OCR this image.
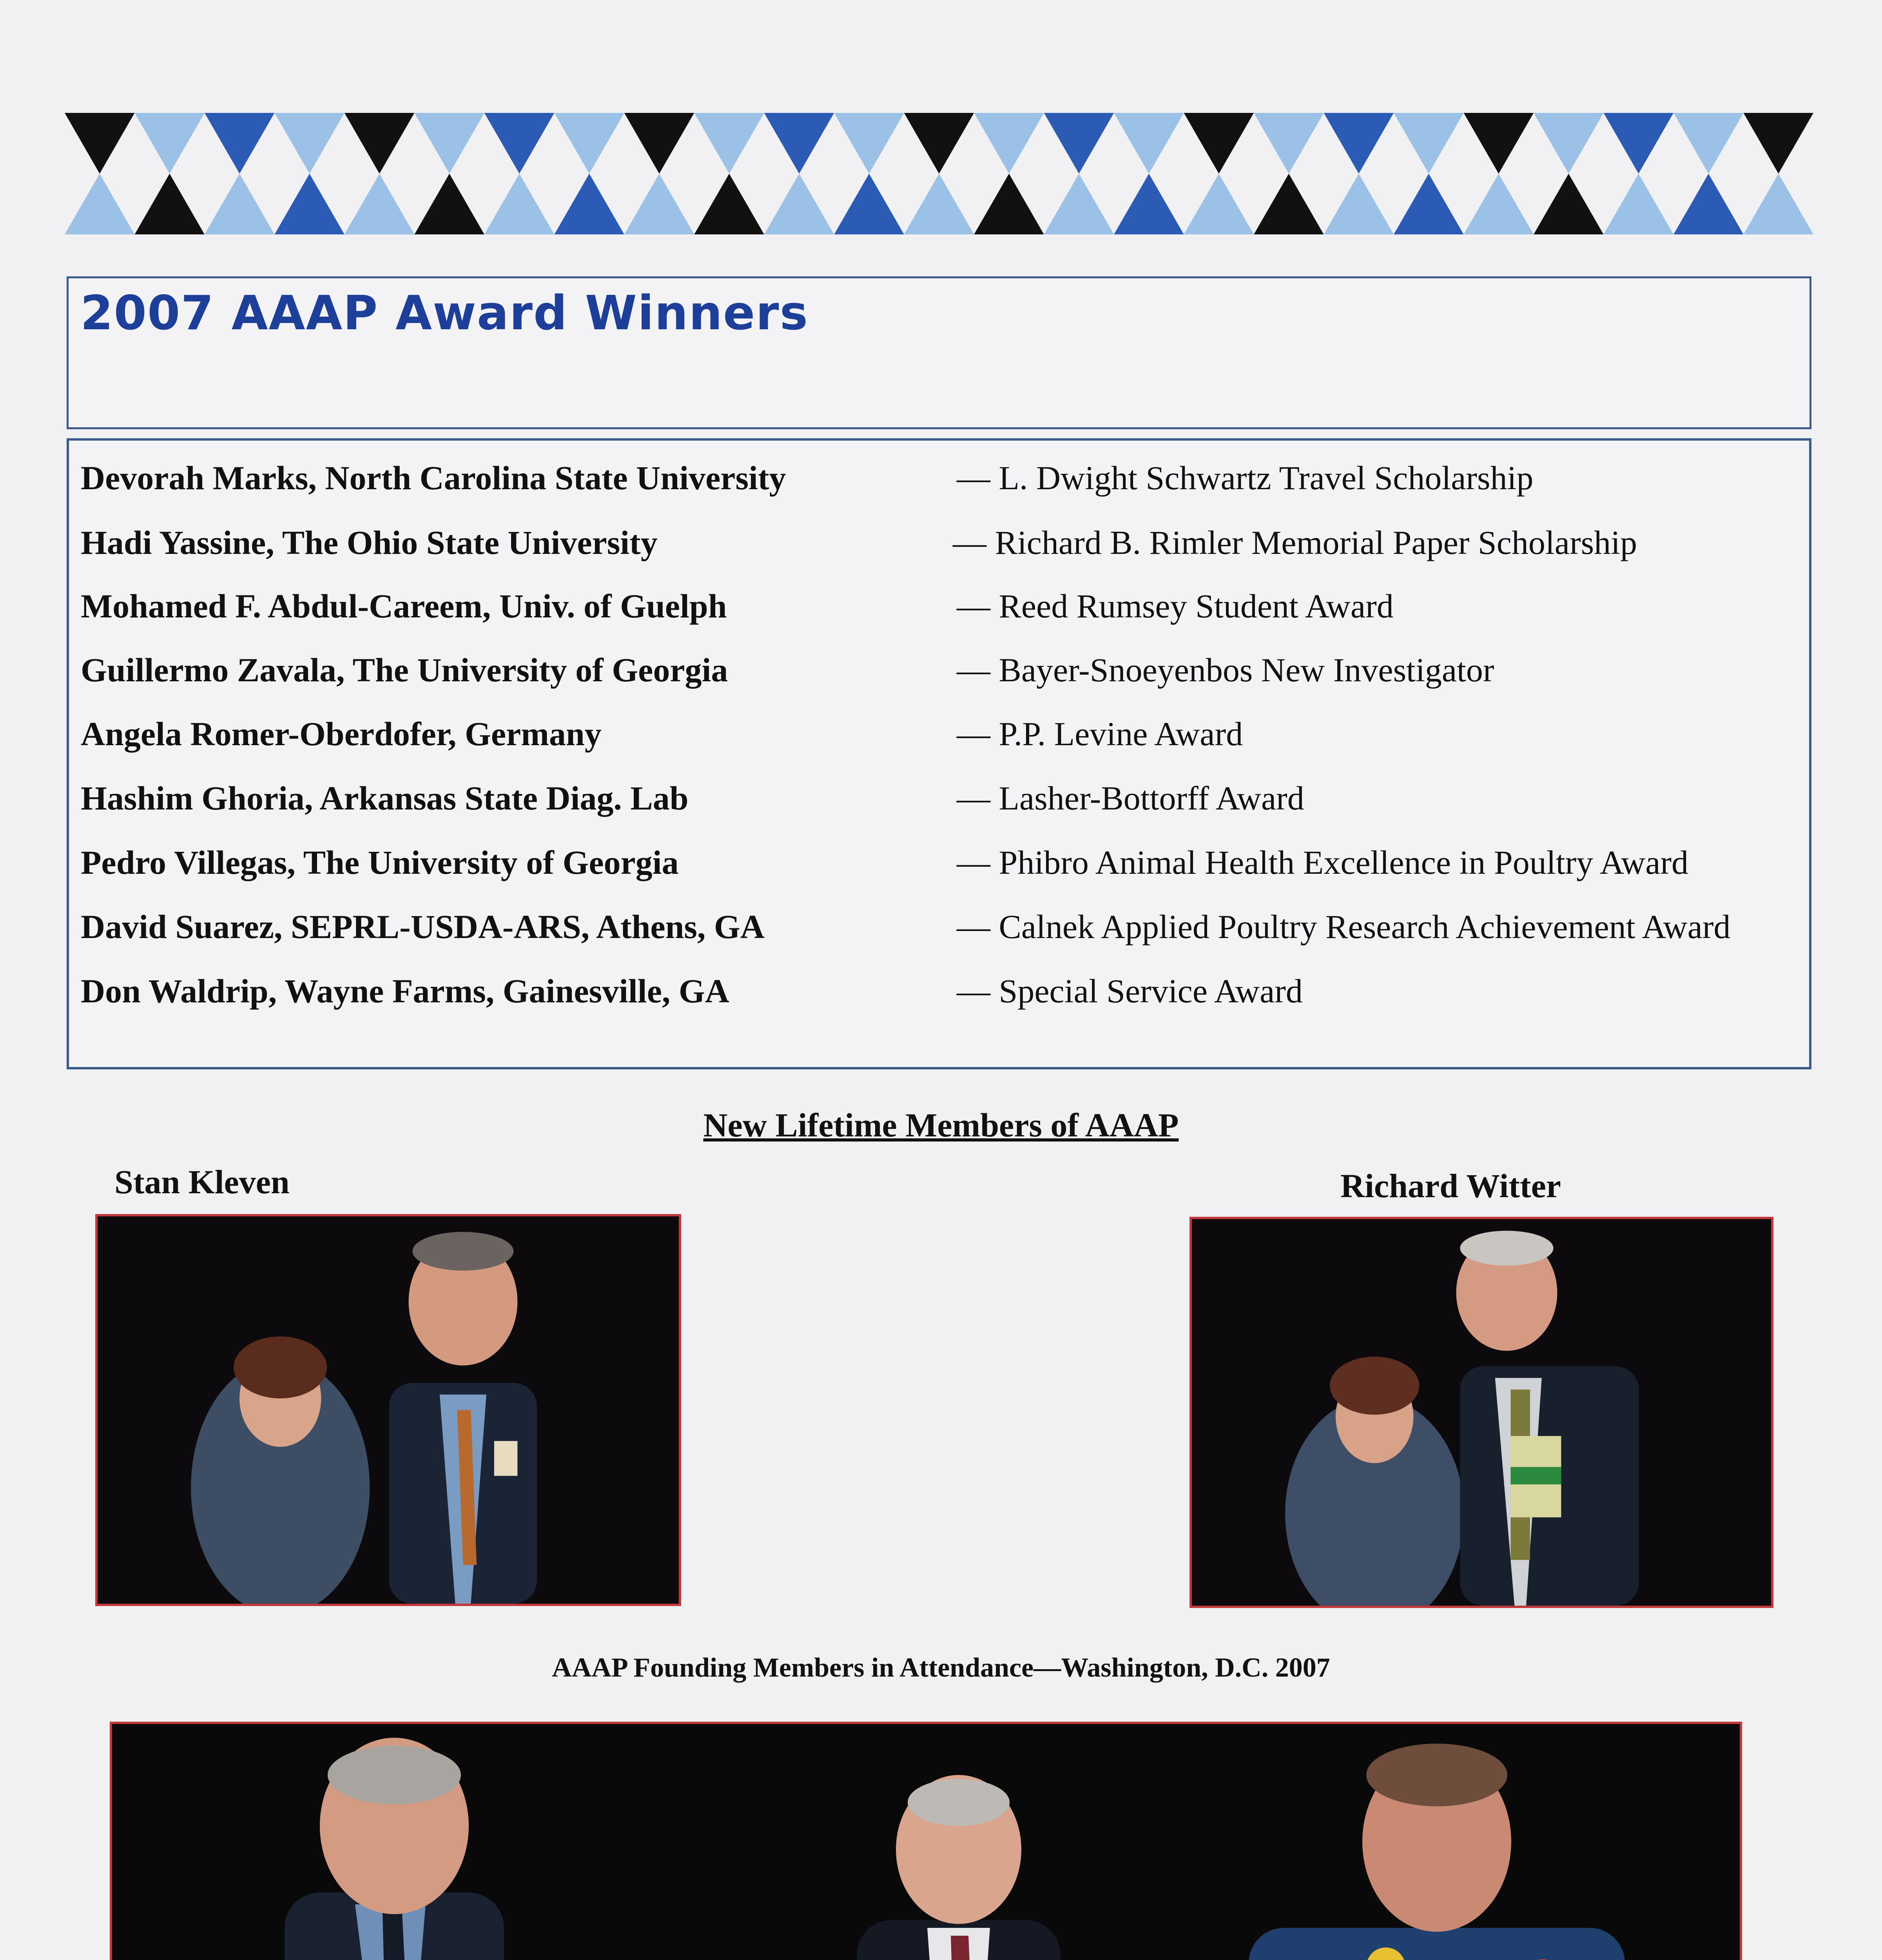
2007 AAAP Award Winners
Devorah Marks, North Carolina State University	— L. Dwight Schwartz Travel Scholarship
Hadi Yassine, The Ohio State University	— Richard B. Rimler Memorial Paper Scholarship
Mohamed F. Abdul-Careem, Univ. of Guelph	— Reed Rumsey Student Award
Guillermo Zavala, The University of Georgia	— Bayer-Snoeyenbos New Investigator
Angela Romer-Oberdofer, Germany	— P.P. Levine Award
Hashim Ghoria, Arkansas State Diag. Lab	— Lasher-Bottorff Award
Pedro Villegas, The University of Georgia	— Phibro Animal Health Excellence in Poultry Award
David Suarez, SEPRL-USDA-ARS, Athens, GA	— Calnek Applied Poultry Research Achievement Award
Don Waldrip, Wayne Farms, Gainesville, GA	— Special Service Award
New Lifetime Members of AAAP
Stan Kleven	Richard Witter
AAAP Founding Members in Attendance—Washington, D.C. 2007
